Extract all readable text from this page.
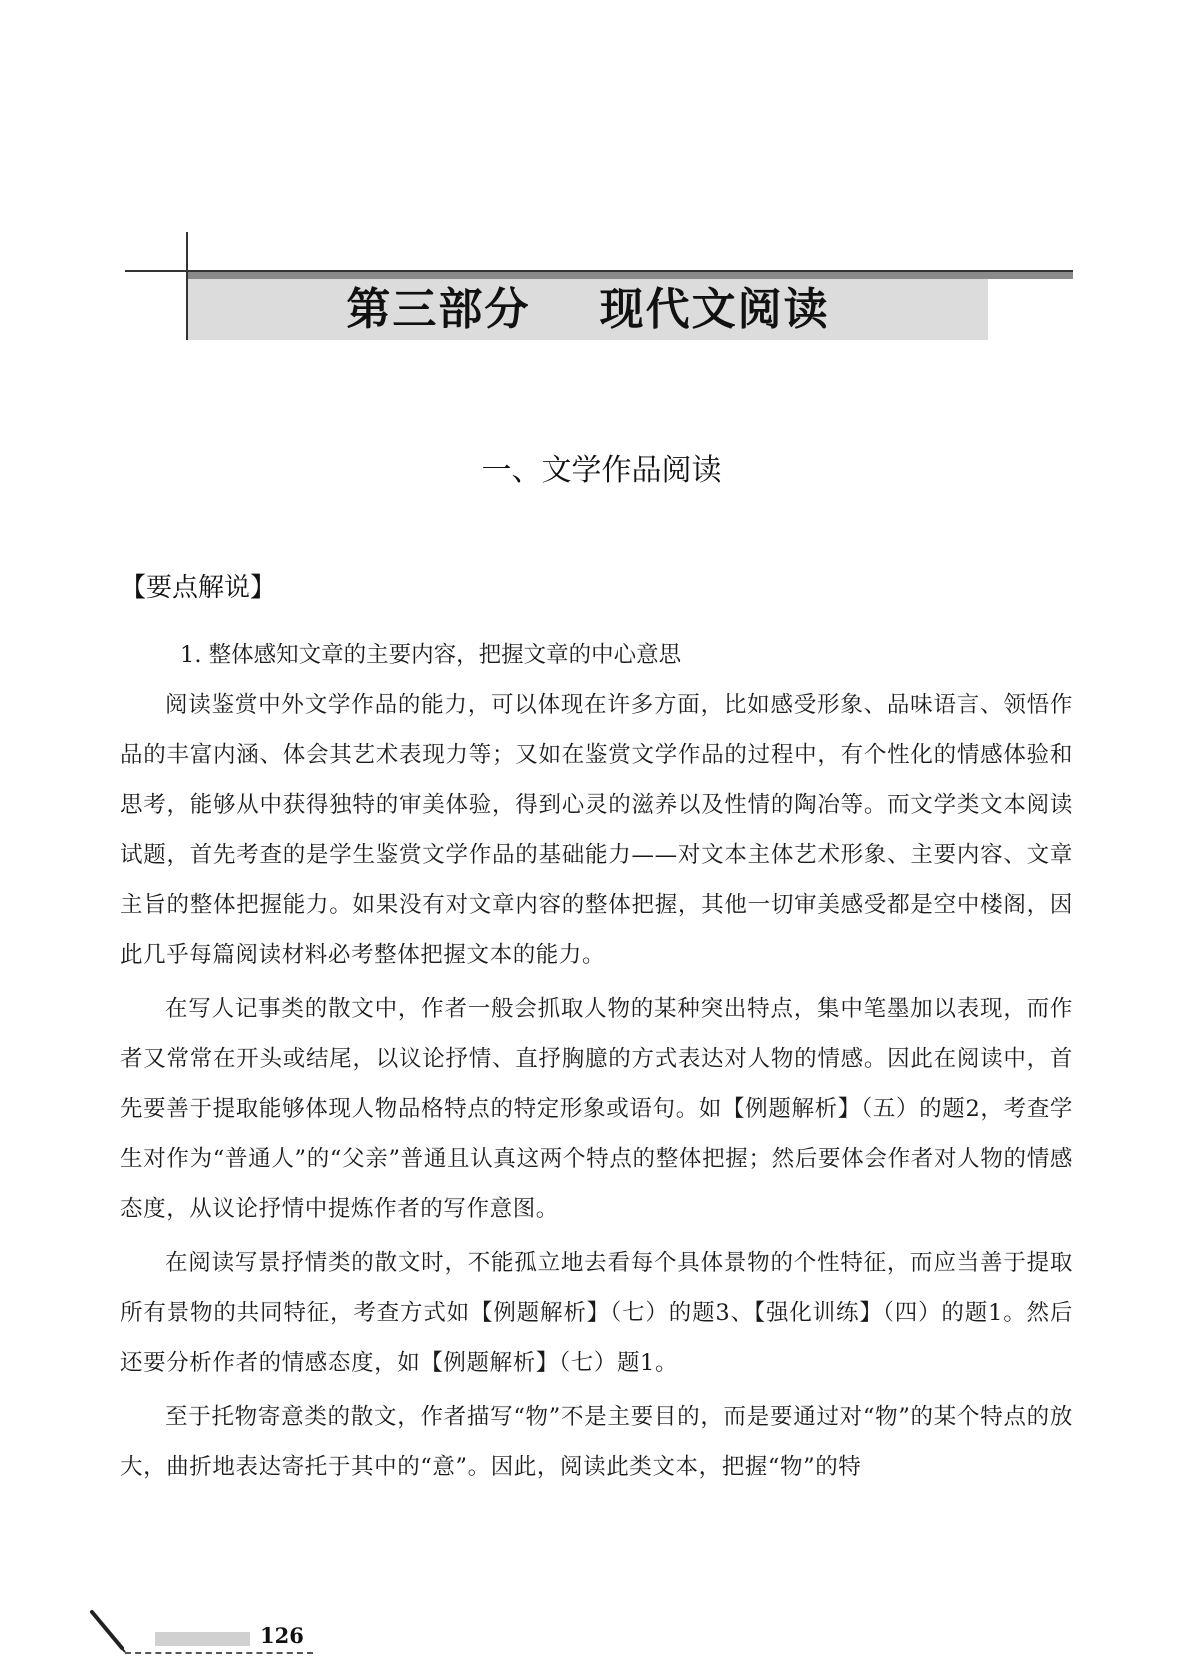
第三部分    现代文阅读
一、文学作品阅读
【要点解说】

1. 整体感知文章的主要内容，把握文章的中心意思

阅读鉴赏中外文学作品的能力，可以体现在许多方面，比如感受形象、品味语言、领悟作品的丰富内涵、体会其艺术表现力等；又如在鉴赏文学作品的过程中，有个性化的情感体验和思考，能够从中获得独特的审美体验，得到心灵的滋养以及性情的陶冶等。而文学类文本阅读试题，首先考查的是学生鉴赏文学作品的基础能力——对文本主体艺术形象、主要内容、文章主旨的整体把握能力。如果没有对文章内容的整体把握，其他一切审美感受都是空中楼阁，因此几乎每篇阅读材料必考整体把握文本的能力。

在写人记事类的散文中，作者一般会抓取人物的某种突出特点，集中笔墨加以表现，而作者又常常在开头或结尾，以议论抒情、直抒胸臆的方式表达对人物的情感。因此在阅读中，首先要善于提取能够体现人物品格特点的特定形象或语句。如【例题解析】（五）的题2，考查学生对作为“普通人”的“父亲”普通且认真这两个特点的整体把握；然后要体会作者对人物的情感态度，从议论抒情中提炼作者的写作意图。

在阅读写景抒情类的散文时，不能孤立地去看每个具体景物的个性特征，而应当善于提取所有景物的共同特征，考查方式如【例题解析】（七）的题3、【强化训练】（四）的题1。然后还要分析作者的情感态度，如【例题解析】（七）题1。

至于托物寄意类的散文，作者描写“物”不是主要目的，而是要通过对“物”的某个特点的放大，曲折地表达寄托于其中的“意”。因此，阅读此类文本，把握“物”的特

126
